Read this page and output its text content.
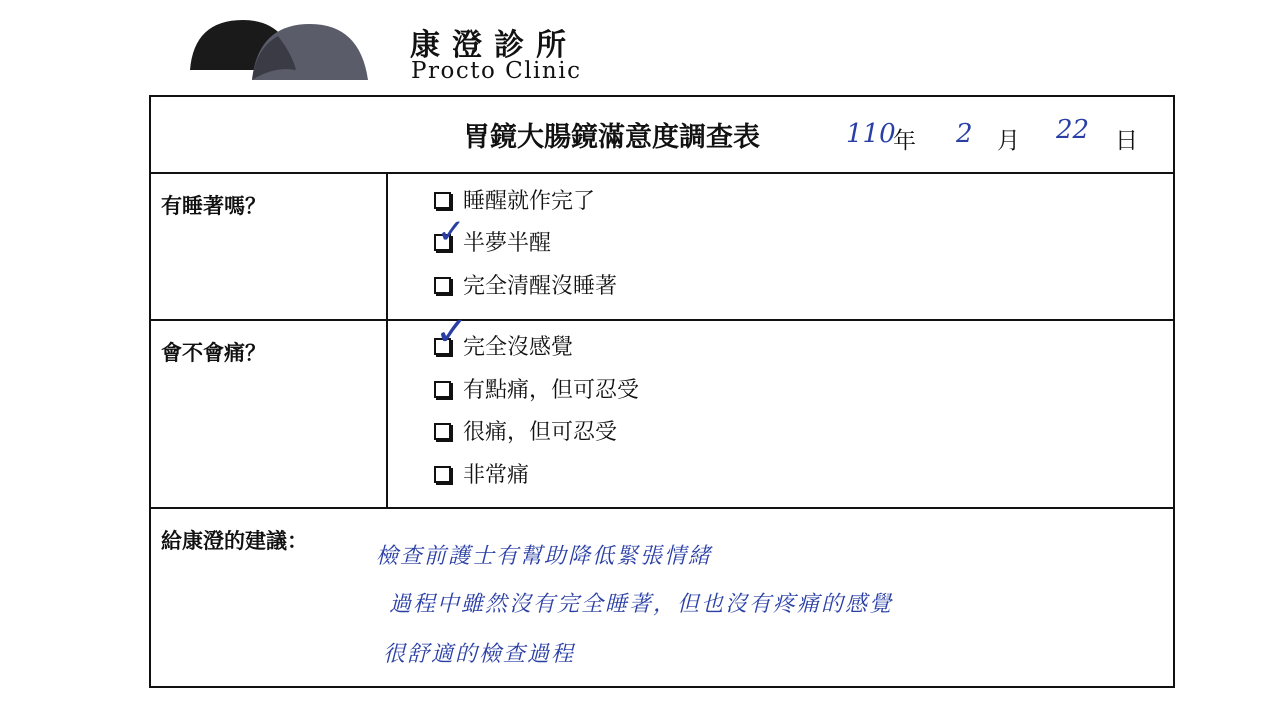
康澄診所
Procto Clinic
胃鏡大腸鏡滿意度調查表	110
年 2 月 22 日
有睡著嗎？	睡醒就作完了
半夢半醒
✓
完全清醒沒睡著
會不會痛？	完全沒感覺
✓
有點痛，但可忍受
很痛，但可忍受
非常痛
給康澄的建議：
檢查前護士有幫助降低緊張情緒
過程中雖然沒有完全睡著，但也沒有疼痛的感覺
很舒適的檢查過程
